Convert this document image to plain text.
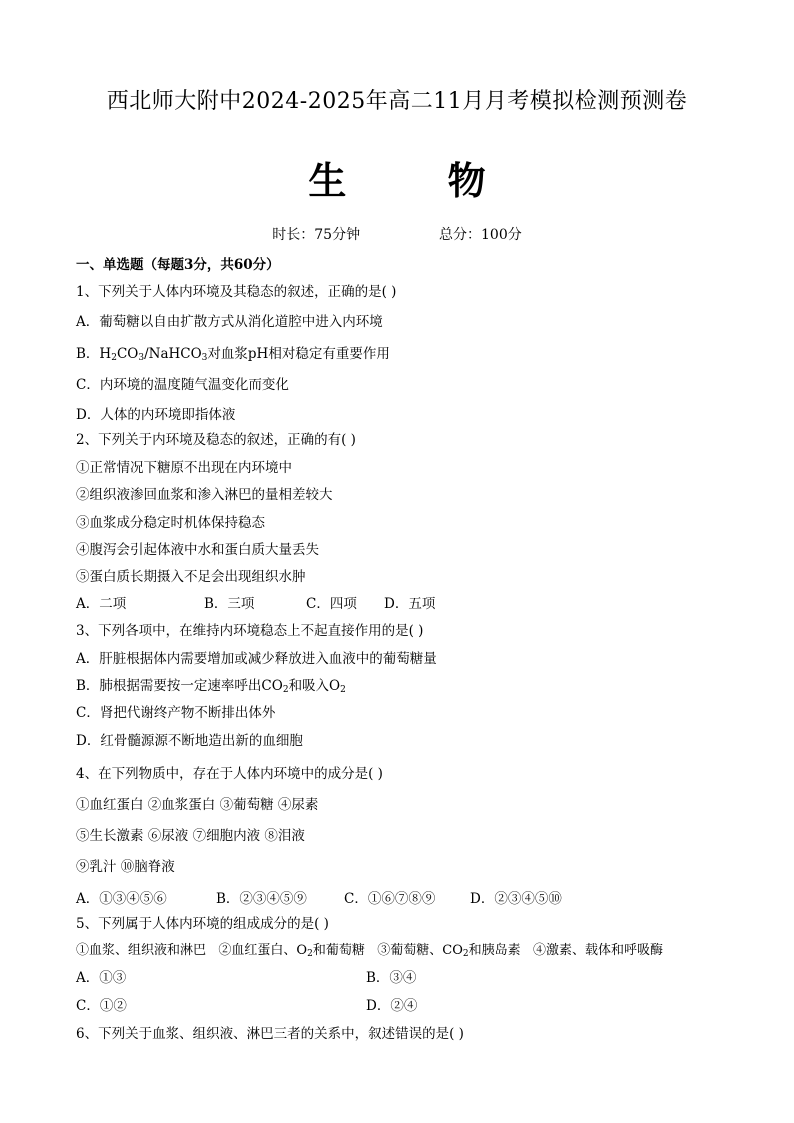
西北师大附中2024-2025年高二11月月考模拟检测预测卷
生 物
时长：75分钟	总分：100分
一、单选题（每题3分，共60分）
1、下列关于人体内环境及其稳态的叙述，正确的是( )
A．葡萄糖以自由扩散方式从消化道腔中进入内环境
B．$H_2CO_3/NaHCO_3$对血浆pH相对稳定有重要作用
C．内环境的温度随气温变化而变化
D．人体的内环境即指体液
2、下列关于内环境及稳态的叙述，正确的有( )
①正常情况下糖原不出现在内环境中
②组织液渗回血浆和渗入淋巴的量相差较大
③血浆成分稳定时机体保持稳态
④腹泻会引起体液中水和蛋白质大量丢失
⑤蛋白质长期摄入不足会出现组织水肿
A．二项	B．三项	C．四项 D．五项
3、下列各项中，在维持内环境稳态上不起直接作用的是( )
A．肝脏根据体内需要增加或减少释放进入血液中的葡萄糖量
B．肺根据需要按一定速率呼出$CO_2$和吸入$O_2$
C．肾把代谢终产物不断排出体外
D．红骨髓源源不断地造出新的血细胞
4、在下列物质中，存在于人体内环境中的成分是( )
①血红蛋白 ②血浆蛋白 ③葡萄糖 ④尿素
⑤生长激素 ⑥尿液 ⑦细胞内液 ⑧泪液
⑨乳汁 ⑩脑脊液
A．①③④⑤⑥	B．②③④⑤⑨	C．①⑥⑦⑧⑨	D．②③④⑤⑩
5、下列属于人体内环境的组成成分的是( )
①血浆、组织液和淋巴 ②血红蛋白、$O_2$和葡萄糖 ③葡萄糖、$CO_2$和胰岛素 ④激素、载体和呼吸酶
A．①③	B．③④
C．①②	D．②④
6、下列关于血浆、组织液、淋巴三者的关系中，叙述错误的是( )
